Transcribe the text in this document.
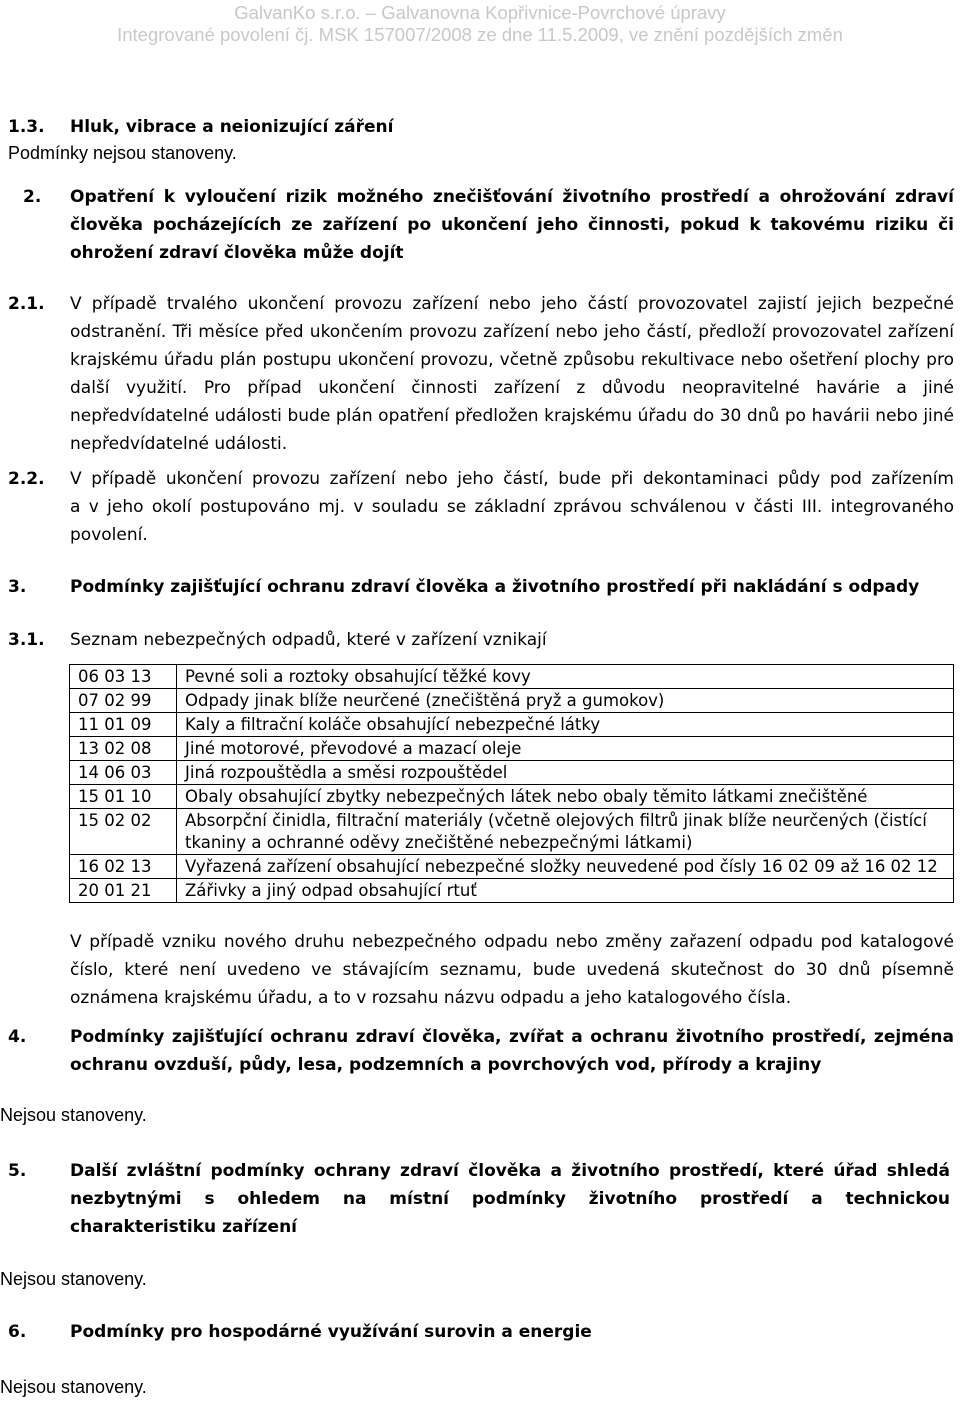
GalvanKo s.r.o. – Galvanovna Kopřivnice-Povrchové úpravy
Integrované povolení čj. MSK 157007/2008 ze dne 11.5.2009, ve znění pozdějších změn
1.3. Hluk, vibrace a neionizující záření
Podmínky nejsou stanoveny.
2. Opatření k vyloučení rizik možného znečišťování životního prostředí a ohrožování zdraví
člověka pocházejících ze zařízení po ukončení jeho činnosti, pokud k takovému riziku či
ohrožení zdraví člověka může dojít
2.1. V případě trvalého ukončení provozu zařízení nebo jeho částí provozovatel zajistí jejich bezpečné
odstranění. Tři měsíce před ukončením provozu zařízení nebo jeho částí, předloží provozovatel zařízení
krajskému úřadu plán postupu ukončení provozu, včetně způsobu rekultivace nebo ošetření plochy pro
další využití. Pro případ ukončení činnosti zařízení z důvodu neopravitelné havárie a jiné
nepředvídatelné události bude plán opatření předložen krajskému úřadu do 30 dnů po havárii nebo jiné
nepředvídatelné události.
2.2. V případě ukončení provozu zařízení nebo jeho částí, bude při dekontaminaci půdy pod zařízením
a v jeho okolí postupováno mj. v souladu se základní zprávou schválenou v části III. integrovaného
povolení.
3.	Podmínky zajišťující ochranu zdraví člověka a životního prostředí při nakládání s odpady
3.1. Seznam nebezpečných odpadů, které v zařízení vznikají
06 03 13	Pevné soli a roztoky obsahující těžké kovy
07 02 99	Odpady jinak blíže neurčené (znečištěná pryž a gumokov)
11 01 09	Kaly a filtrační koláče obsahující nebezpečné látky
13 02 08	Jiné motorové, převodové a mazací oleje
14 06 03	Jiná rozpouštědla a směsi rozpouštědel
15 01 10	Obaly obsahující zbytky nebezpečných látek nebo obaly těmito látkami znečištěné
15 02 02	Absorpční činidla, filtrační materiály (včetně olejových filtrů jinak blíže neurčených (čistící tkaniny a ochranné oděvy znečištěné nebezpečnými látkami)
16 02 13	Vyřazená zařízení obsahující nebezpečné složky neuvedené pod čísly 16 02 09 až 16 02 12
20 01 21	Zářivky a jiný odpad obsahující rtuť
V případě vzniku nového druhu nebezpečného odpadu nebo změny zařazení odpadu pod katalogové
číslo, které není uvedeno ve stávajícím seznamu, bude uvedená skutečnost do 30 dnů písemně
oznámena krajskému úřadu, a to v rozsahu názvu odpadu a jeho katalogového čísla.
4.	Podmínky zajišťující ochranu zdraví člověka, zvířat a ochranu životního prostředí, zejména
ochranu ovzduší, půdy, lesa, podzemních a povrchových vod, přírody a krajiny
Nejsou stanoveny.
5.	Další zvláštní podmínky ochrany zdraví člověka a životního prostředí, které úřad shledá
nezbytnými s ohledem na místní podmínky životního prostředí a technickou
charakteristiku zařízení
Nejsou stanoveny.
6.	Podmínky pro hospodárné využívání surovin a energie
Nejsou stanoveny.
